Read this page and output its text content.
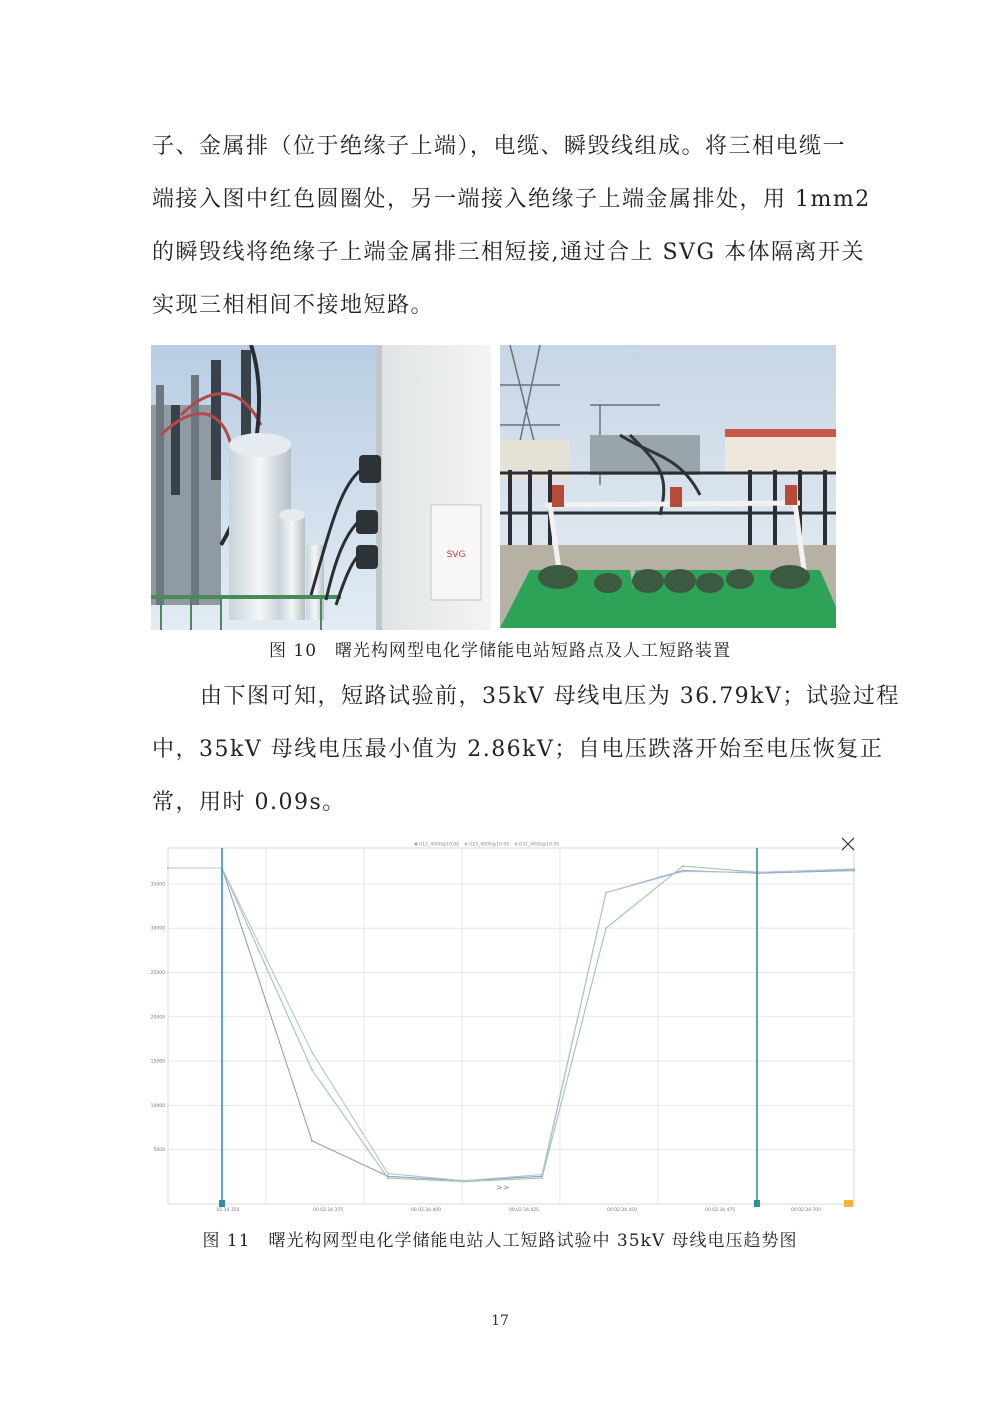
子、金属排（位于绝缘子上端），电缆、瞬毁线组成。将三相电缆一
端接入图中红色圆圈处，另一端接入绝缘子上端金属排处，用 1mm2
的瞬毁线将绝缘子上端金属排三相短接,通过合上 SVG 本体隔离开关
实现三相相间不接地短路。
SVG
图 10　曙光构网型电化学储能电站短路点及人工短路装置
由下图可知，短路试验前，35kV 母线电压为 36.79kV；试验过程
中，35kV 母线电压最小值为 2.86kV；自电压跌落开始至电压恢复正
常，用时 0.09s。
U12_4000@10.00 U23_4000@10.00 U31_4000@10.00
35000
30000
25000
20000
15000
10000
5000
02.34.350	00.02.34.375	00.02.34.400	00.02.34.425	00.02.34.450	00.02.34.475	00.02.34.700
>>
图 11　曙光构网型电化学储能电站人工短路试验中 35kV 母线电压趋势图
17
